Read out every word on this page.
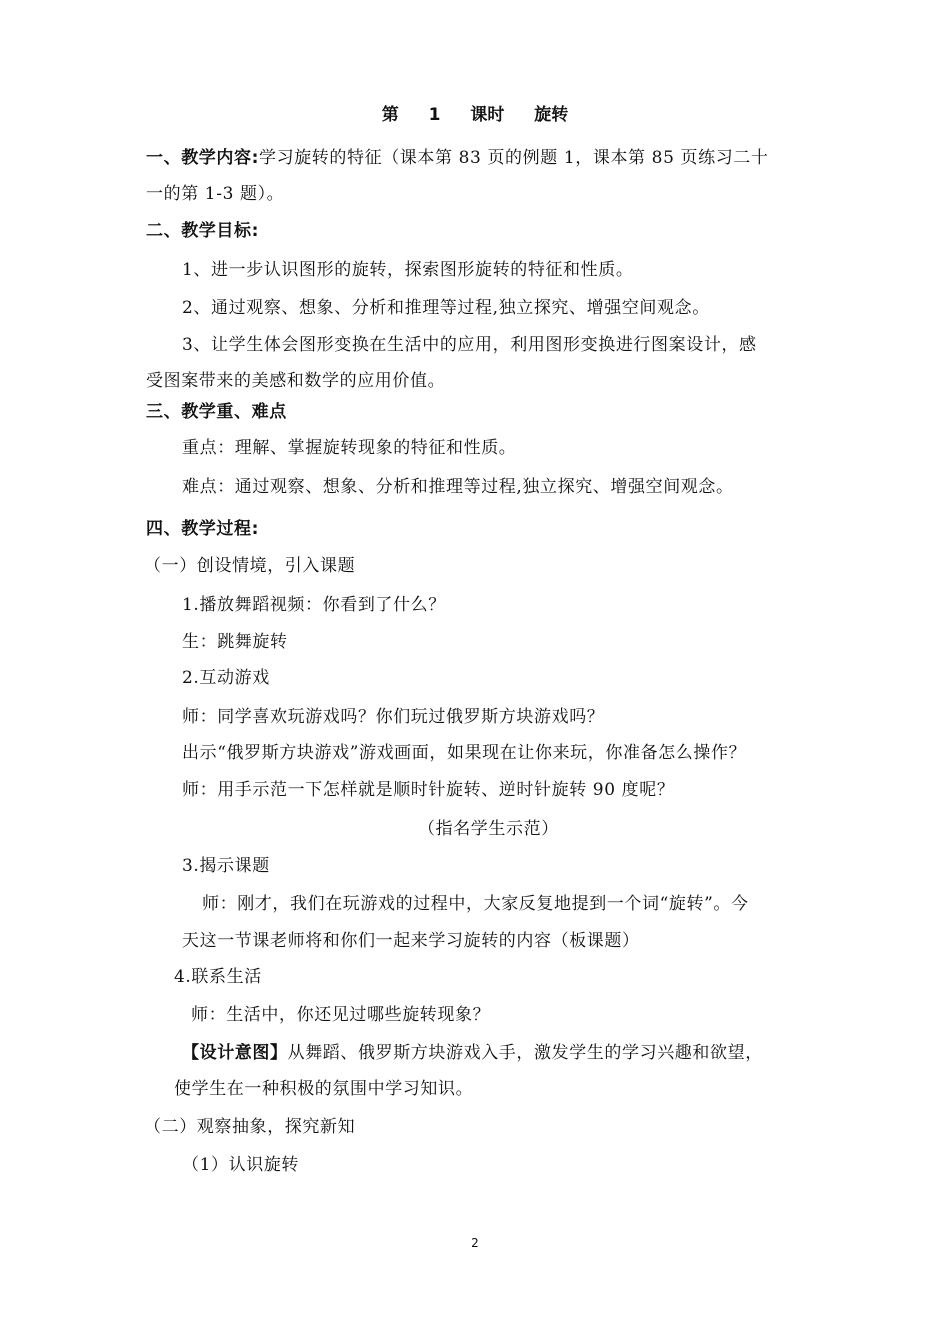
第 1 课时 旋转
一、教学内容:学习旋转的特征（课本第 83 页的例题 1，课本第 85 页练习二十
一的第 1-3 题）。
二、教学目标:
1、进一步认识图形的旋转，探索图形旋转的特征和性质。
2、通过观察、想象、分析和推理等过程,独立探究、增强空间观念。
3、让学生体会图形变换在生活中的应用，利用图形变换进行图案设计，感
受图案带来的美感和数学的应用价值。
三、教学重、难点
重点：理解、掌握旋转现象的特征和性质。
难点：通过观察、想象、分析和推理等过程,独立探究、增强空间观念。
四、教学过程:
（一）创设情境，引入课题
1.播放舞蹈视频：你看到了什么？
生：跳舞旋转
2.互动游戏
师：同学喜欢玩游戏吗？你们玩过俄罗斯方块游戏吗？
出示“俄罗斯方块游戏”游戏画面，如果现在让你来玩，你准备怎么操作？
师：用手示范一下怎样就是顺时针旋转、逆时针旋转 90 度呢？
（指名学生示范）
3.揭示课题
师：刚才，我们在玩游戏的过程中，大家反复地提到一个词“旋转”。今
天这一节课老师将和你们一起来学习旋转的内容（板课题）
4.联系生活
师：生活中，你还见过哪些旋转现象？
【设计意图】从舞蹈、俄罗斯方块游戏入手，激发学生的学习兴趣和欲望，
使学生在一种积极的氛围中学习知识。
（二）观察抽象，探究新知
（1）认识旋转
2
